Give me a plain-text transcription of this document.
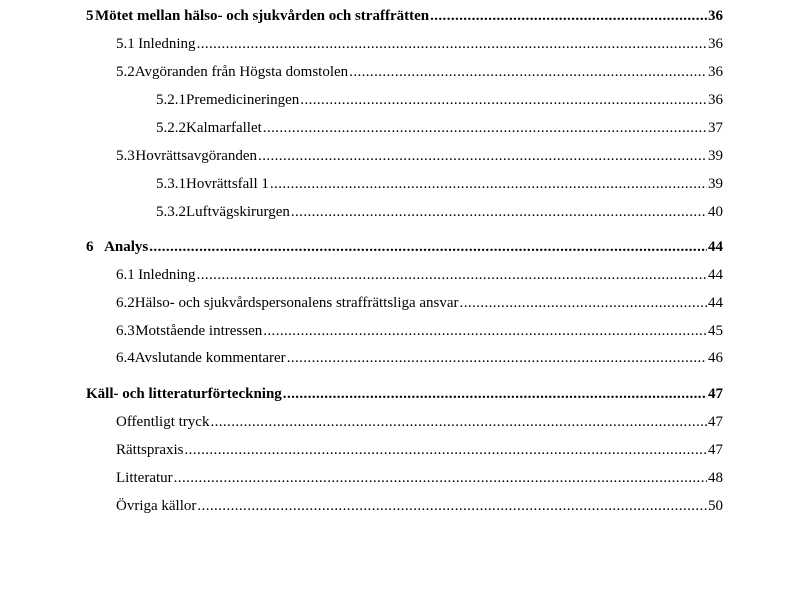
5 Mötet mellan hälso- och sjukvården och straffrätten .....	36
5.1 Inledning .....	36
5.2 Avgöranden från Högsta domstolen .....	36
5.2.1 Premedicineringen .....	36
5.2.2 Kalmarfallet .....	37
5.3 Hovrättsavgöranden .....	39
5.3.1 Hovrättsfall 1 .....	39
5.3.2 Luftvägskirurgen .....	40
6 Analys .....	44
6.1 Inledning .....	44
6.2 Hälso- och sjukvårdspersonalens straffrättsliga ansvar .....	44
6.3 Motstående intressen .....	45
6.4 Avslutande kommentarer .....	46
Käll- och litteraturförteckning .....	47
Offentligt tryck .....	47
Rättspraxis .....	47
Litteratur .....	48
Övriga källor .....	50
